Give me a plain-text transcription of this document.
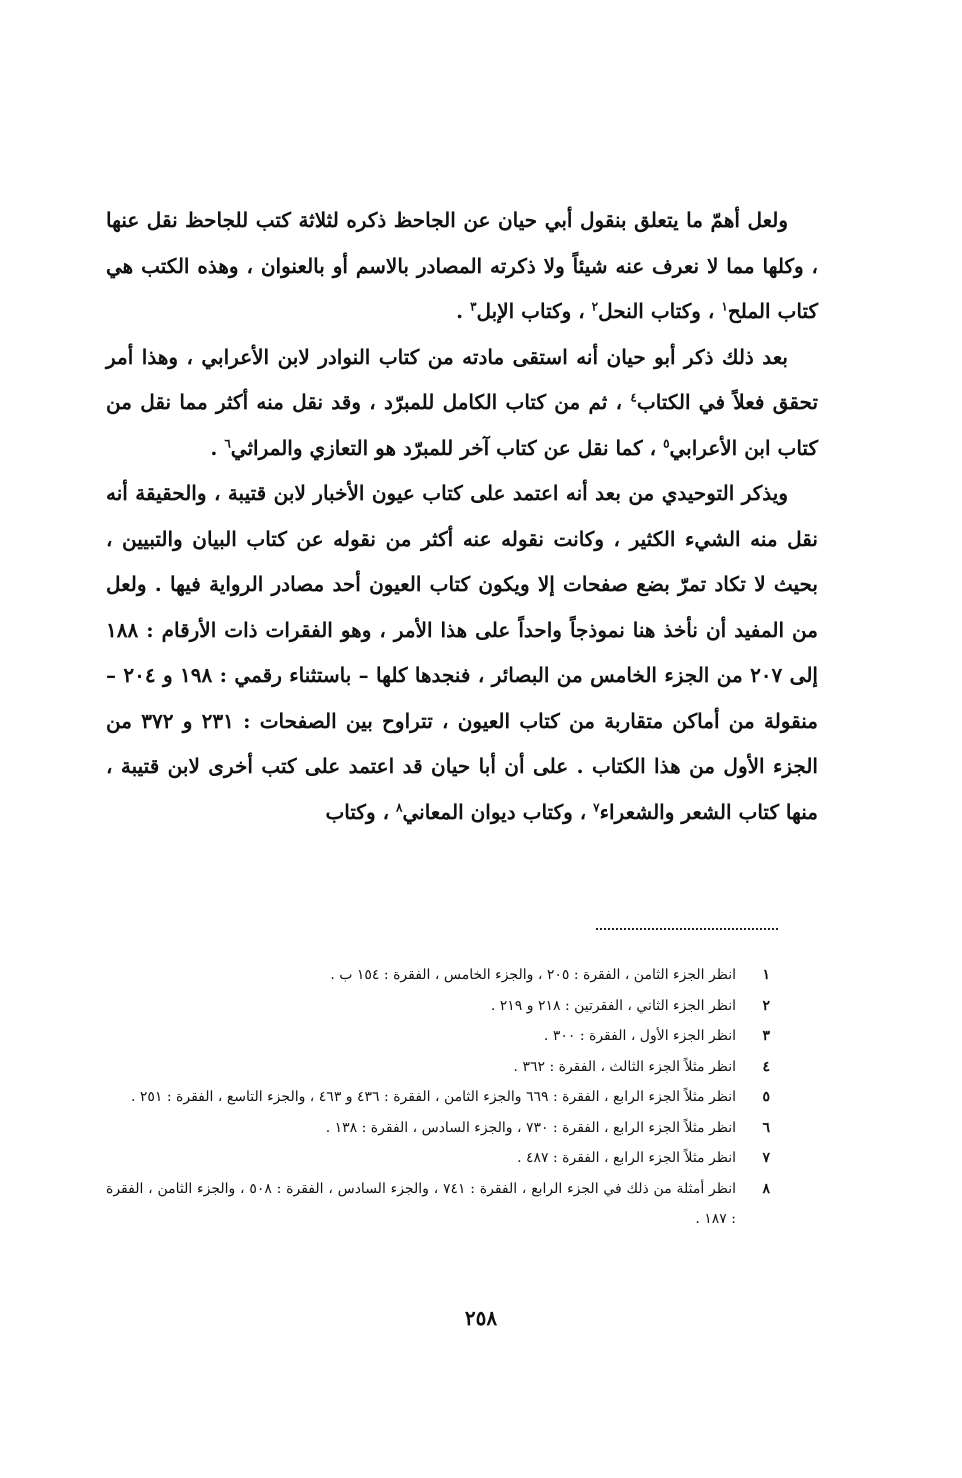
ولعل أهمّ ما يتعلق بنقول أبي حيان عن الجاحظ ذكره لثلاثة كتب للجاحظ نقل عنها ، وكلها مما لا نعرف عنه شيئاً ولا ذكرته المصادر بالاسم أو بالعنوان ، وهذه الكتب هي كتاب الملح$^١$ ، وكتاب النحل$^٢$ ، وكتاب الإبل$^٣$ .

بعد ذلك ذكر أبو حيان أنه استقى مادته من كتاب النوادر لابن الأعرابي ، وهذا أمر تحقق فعلاً في الكتاب$^٤$ ، ثم من كتاب الكامل للمبرّد ، وقد نقل منه أكثر مما نقل من كتاب ابن الأعرابي$^٥$ ، كما نقل عن كتاب آخر للمبرّد هو التعازي والمراثي$^٦$ .

ويذكر التوحيدي من بعد أنه اعتمد على كتاب عيون الأخبار لابن قتيبة ، والحقيقة أنه نقل منه الشيء الكثير ، وكانت نقوله عنه أكثر من نقوله عن كتاب البيان والتبيين ، بحيث لا تكاد تمرّ بضع صفحات إلا ويكون كتاب العيون أحد مصادر الرواية فيها . ولعل من المفيد أن نأخذ هنا نموذجاً واحداً على هذا الأمر ، وهو الفقرات ذات الأرقام : ١٨٨ إلى ٢٠٧ من الجزء الخامس من البصائر ، فنجدها كلها – باستثناء رقمي : ١٩٨ و ٢٠٤ – منقولة من أماكن متقاربة من كتاب العيون ، تتراوح بين الصفحات : ٢٣١ و ٣٧٢ من الجزء الأول من هذا الكتاب . على أن أبا حيان قد اعتمد على كتب أخرى لابن قتيبة ، منها كتاب الشعر والشعراء$^٧$ ، وكتاب ديوان المعاني$^٨$ ، وكتاب

١
انظر الجزء الثامن ، الفقرة : ٢٠٥ ، والجزء الخامس ، الفقرة : ١٥٤ ب .
٢
انظر الجزء الثاني ، الفقرتين : ٢١٨ و ٢١٩ .
٣
انظر الجزء الأول ، الفقرة : ٣٠٠ .
٤
انظر مثلاً الجزء الثالث ، الفقرة : ٣٦٢ .
٥
انظر مثلاً الجزء الرابع ، الفقرة : ٦٦٩ والجزء الثامن ، الفقرة : ٤٣٦ و ٤٦٣ ، والجزء التاسع ، الفقرة : ٢٥١ .
٦
انظر مثلاً الجزء الرابع ، الفقرة : ٧٣٠ ، والجزء السادس ، الفقرة : ١٣٨ .
٧
انظر مثلاً الجزء الرابع ، الفقرة : ٤٨٧ .
٨
انظر أمثلة من ذلك في الجزء الرابع ، الفقرة : ٧٤١ ، والجزء السادس ، الفقرة : ٥٠٨ ، والجزء الثامن ، الفقرة : ١٨٧ .
٢٥٨
